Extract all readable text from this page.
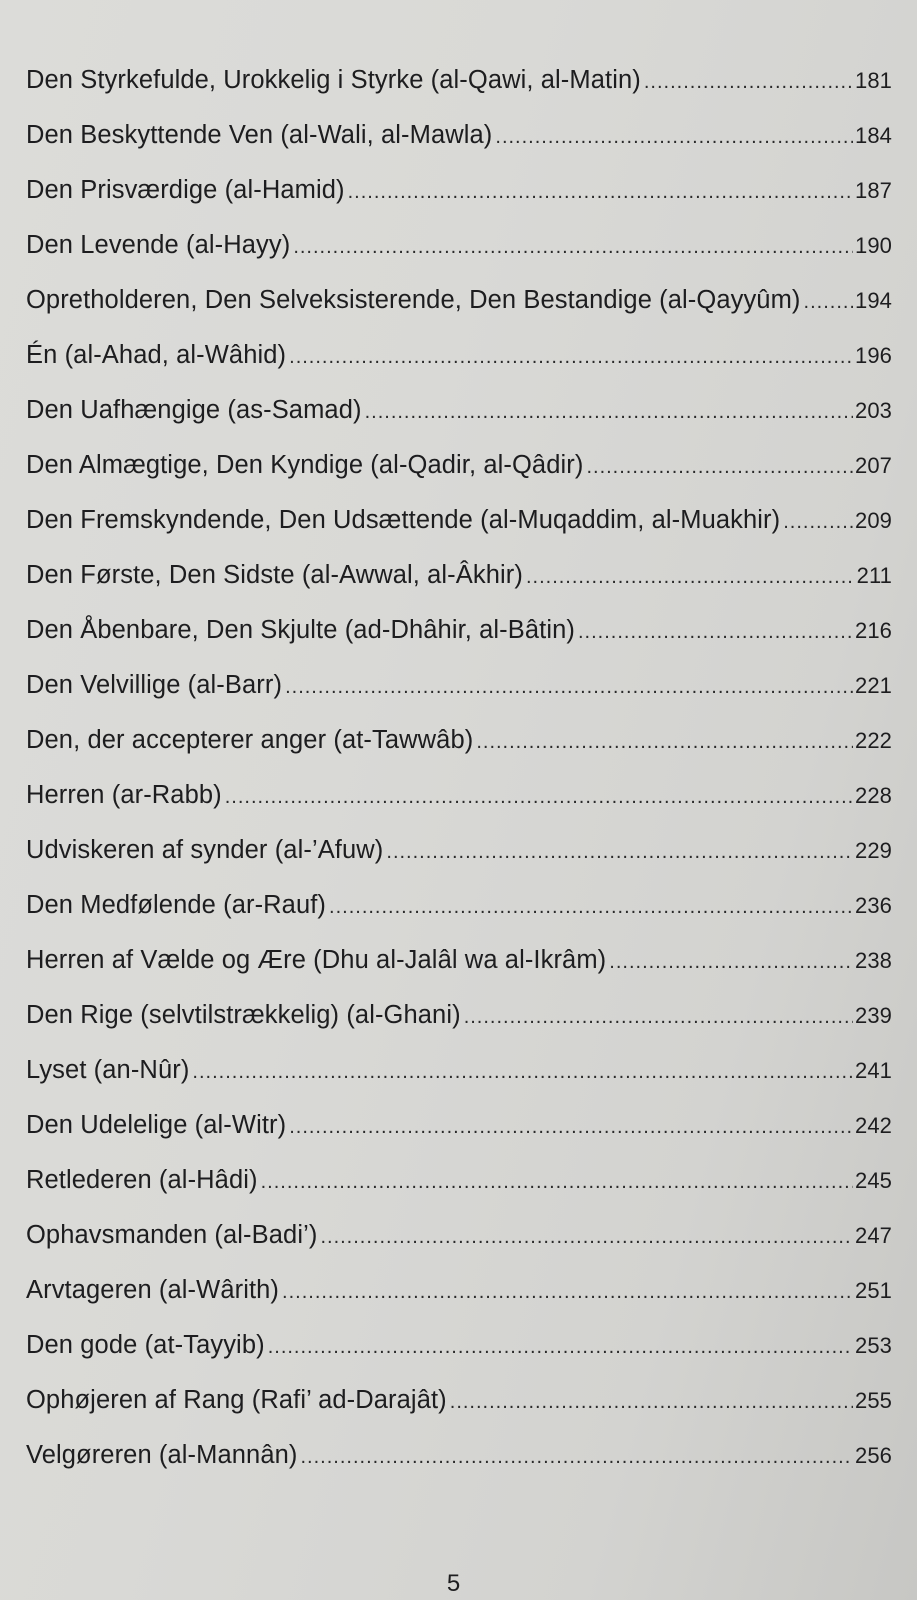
Den Styrkefulde, Urokkelig i Styrke (al-Qawi, al-Matin) .....	181
Den Beskyttende Ven (al-Wali, al-Mawla) .....	184
Den Prisværdige (al-Hamid) .....	187
Den Levende (al-Hayy) .....	190
Opretholderen, Den Selveksisterende, Den Bestandige (al-Qayyûm) ..... 194
Én (al-Ahad, al-Wâhid) .....	196
Den Uafhængige (as-Samad) .....	203
Den Almægtige, Den Kyndige (al-Qadir, al-Qâdir) .....	207
Den Fremskyndende, Den Udsættende (al-Muqaddim, al-Muakhir) .....	209
Den Første, Den Sidste (al-Awwal, al-Âkhir) .....	211
Den Åbenbare, Den Skjulte (ad-Dhâhir, al-Bâtin) .....	216
Den Velvillige (al-Barr) .....	221
Den, der accepterer anger (at-Tawwâb) .....	222
Herren (ar-Rabb) .....	228
Udviskeren af synder (al-’Afuw) .....	229
Den Medfølende (ar-Rauf) .....	236
Herren af Vælde og Ære (Dhu al-Jalâl wa al-Ikrâm) .....	238
Den Rige (selvtilstrækkelig) (al-Ghani) .....	239
Lyset (an-Nûr) .....	241
Den Udelelige (al-Witr) .....	242
Retlederen (al-Hâdi) .....	245
Ophavsmanden (al-Badi’) .....	247
Arvtageren (al-Wârith) .....	251
Den gode (at-Tayyib) .....	253
Ophøjeren af Rang (Rafi’ ad-Darajât) .....	255
Velgøreren (al-Mannân) .....	256
5
